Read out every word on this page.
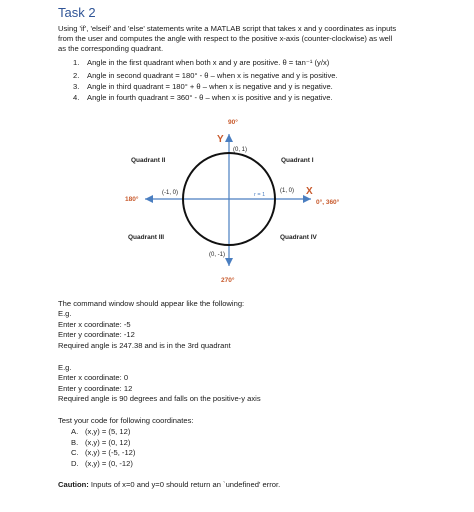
Task 2
Using 'if', 'elseif' and 'else' statements write a MATLAB script that takes x and y coordinates as inputs
from the user and computes the angle with respect to the positive x-axis (counter-clockwise) as well
as the corresponding quadrant.
1. Angle in the first quadrant when both x and y are positive. θ = tan⁻¹ (y/x)
2. Angle in second quadrant = 180° - θ – when x is negative and y is positive.
3. Angle in third quadrant = 180° + θ – when x is negative and y is negative.
4. Angle in fourth quadrant = 360° - θ – when x is positive and y is negative.
90°
Y
(0, 1)
Quadrant II	Quadrant I
(-1, 0)
180°
r = 1
(1, 0) X
0°, 360°
Quadrant III	Quadrant IV
(0, -1)
270°
The command window should appear like the following:
E.g.
Enter x coordinate: -5
Enter y coordinate: -12
Required angle is 247.38 and is in the 3rd quadrant
E.g.
Enter x coordinate: 0
Enter y coordinate: 12
Required angle is 90 degrees and falls on the positive-y axis
Test your code for following coordinates:
A. (x,y) = (5, 12)
B. (x,y) = (0, 12)
C. (x,y) = (-5, -12)
D. (x,y) = (0, -12)
Caution: Inputs of x=0 and y=0 should return an `undefined' error.
